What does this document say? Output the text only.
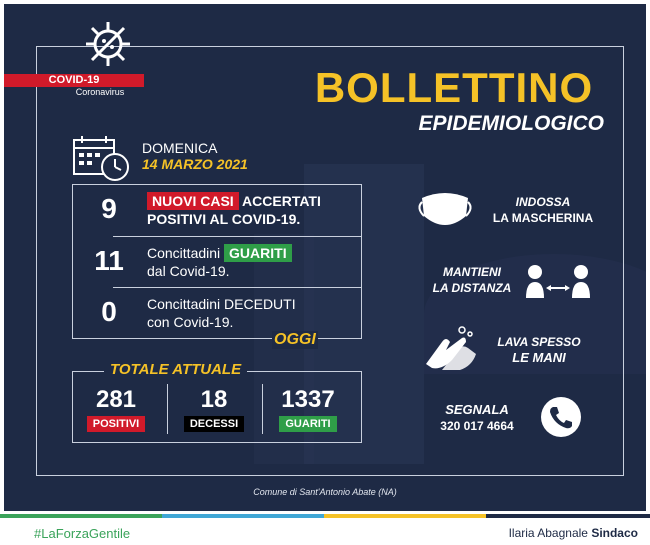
BOLLETTINO
EPIDEMIOLOGICO
DOMENICA
14 MARZO 2021
9	NUOVI CASI ACCERTATI
POSITIVI AL COVID-19.
11	Concittadini GUARITI
dal Covid-19.
0	Concittadini DECEDUTI
con Covid-19.
OGGI
TOTALE ATTUALE
281
POSITIVI
18
DECESSI
1337
GUARITI
INDOSSA
LA MASCHERINA
MANTIENI
LA DISTANZA
LAVA SPESSO
LE MANI
SEGNALA
320 017 4664
Comune di Sant'Antonio Abate (NA)
COVID-19
Coronavirus
#LaForzaGentile	Ilaria Abagnale Sindaco
